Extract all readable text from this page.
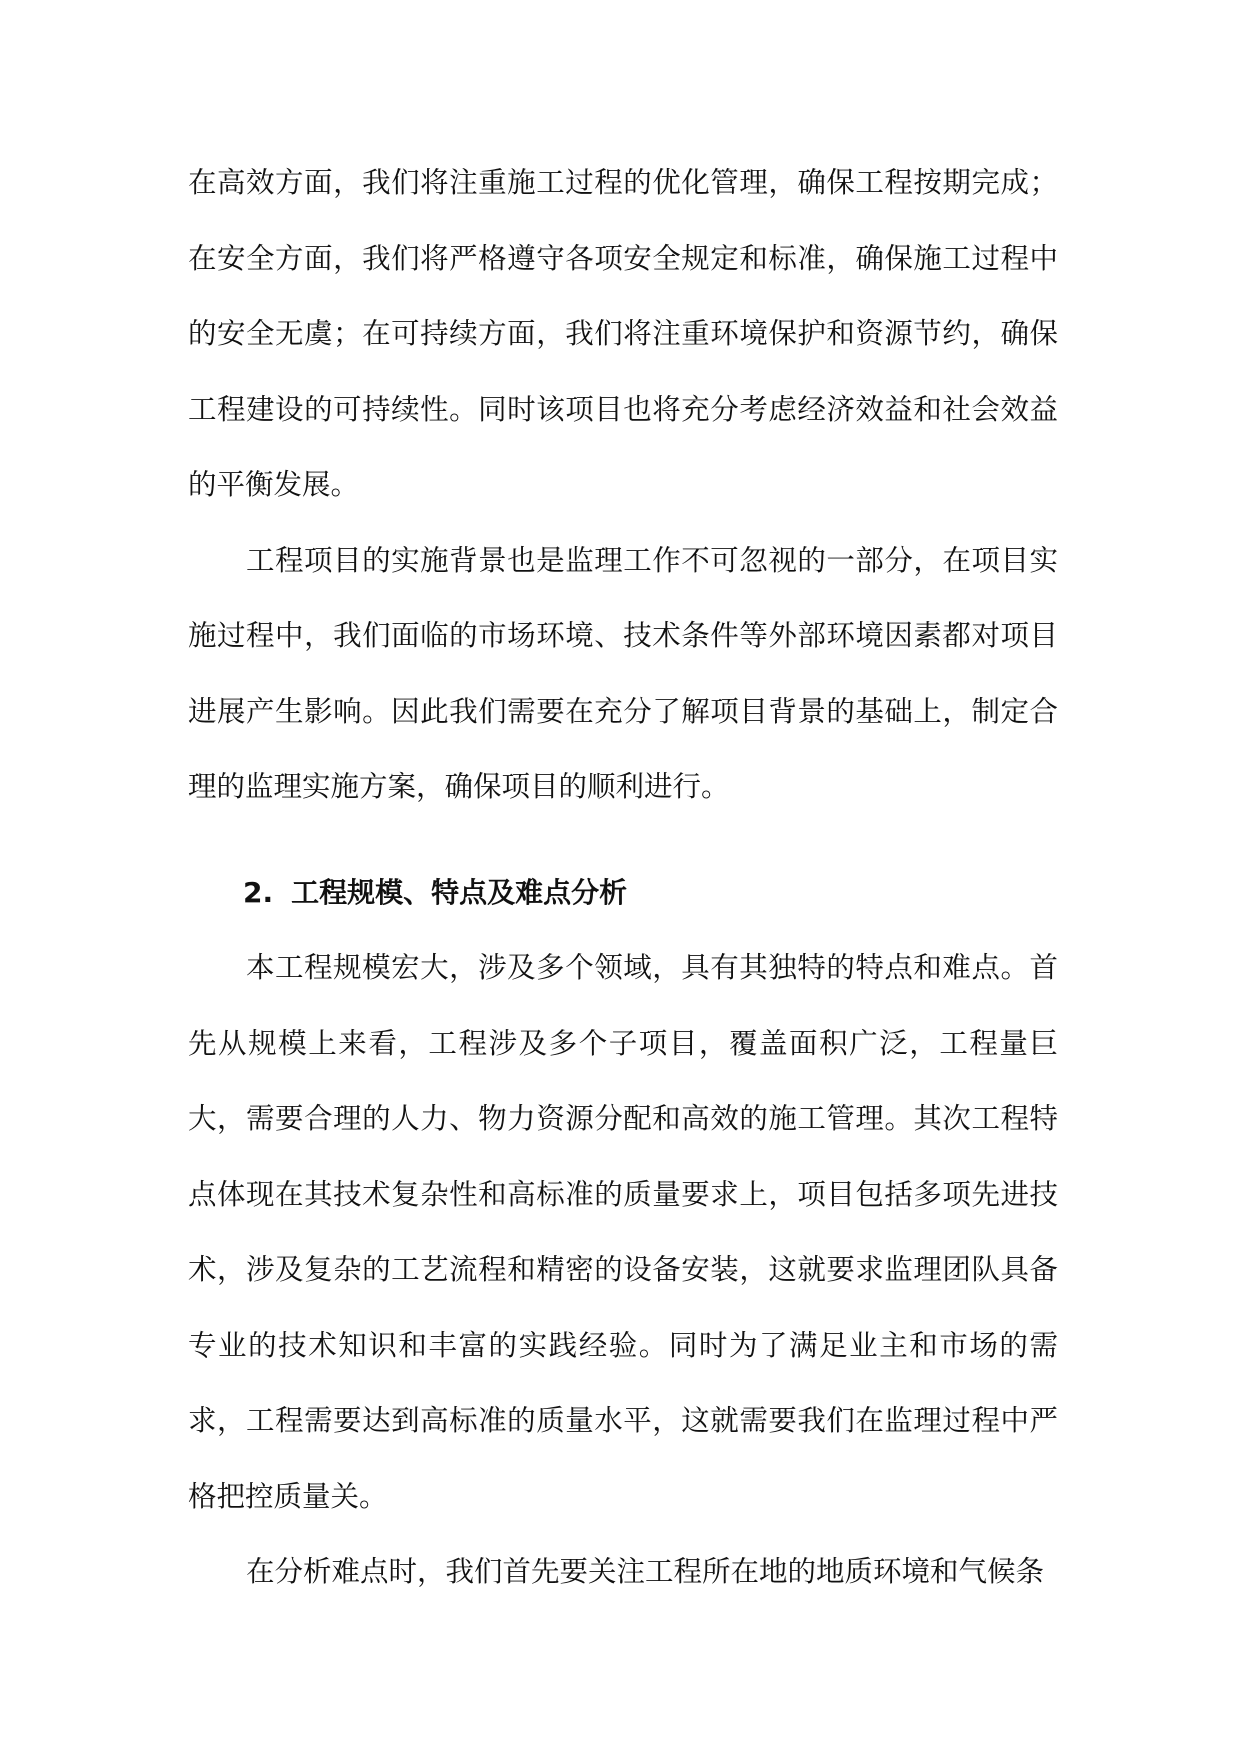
在高效方面，我们将注重施工过程的优化管理，确保工程按期完成；在安全方面，我们将严格遵守各项安全规定和标准，确保施工过程中的安全无虞；在可持续方面，我们将注重环境保护和资源节约，确保工程建设的可持续性。同时该项目也将充分考虑经济效益和社会效益的平衡发展。

工程项目的实施背景也是监理工作不可忽视的一部分，在项目实施过程中，我们面临的市场环境、技术条件等外部环境因素都对项目进展产生影响。因此我们需要在充分了解项目背景的基础上，制定合理的监理实施方案，确保项目的顺利进行。

2. 工程规模、特点及难点分析

本工程规模宏大，涉及多个领域，具有其独特的特点和难点。首先从规模上来看，工程涉及多个子项目，覆盖面积广泛，工程量巨大，需要合理的人力、物力资源分配和高效的施工管理。其次工程特点体现在其技术复杂性和高标准的质量要求上，项目包括多项先进技术，涉及复杂的工艺流程和精密的设备安装，这就要求监理团队具备专业的技术知识和丰富的实践经验。同时为了满足业主和市场的需求，工程需要达到高标准的质量水平，这就需要我们在监理过程中严格把控质量关。

在分析难点时，我们首先要关注工程所在地的地质环境和气候条
